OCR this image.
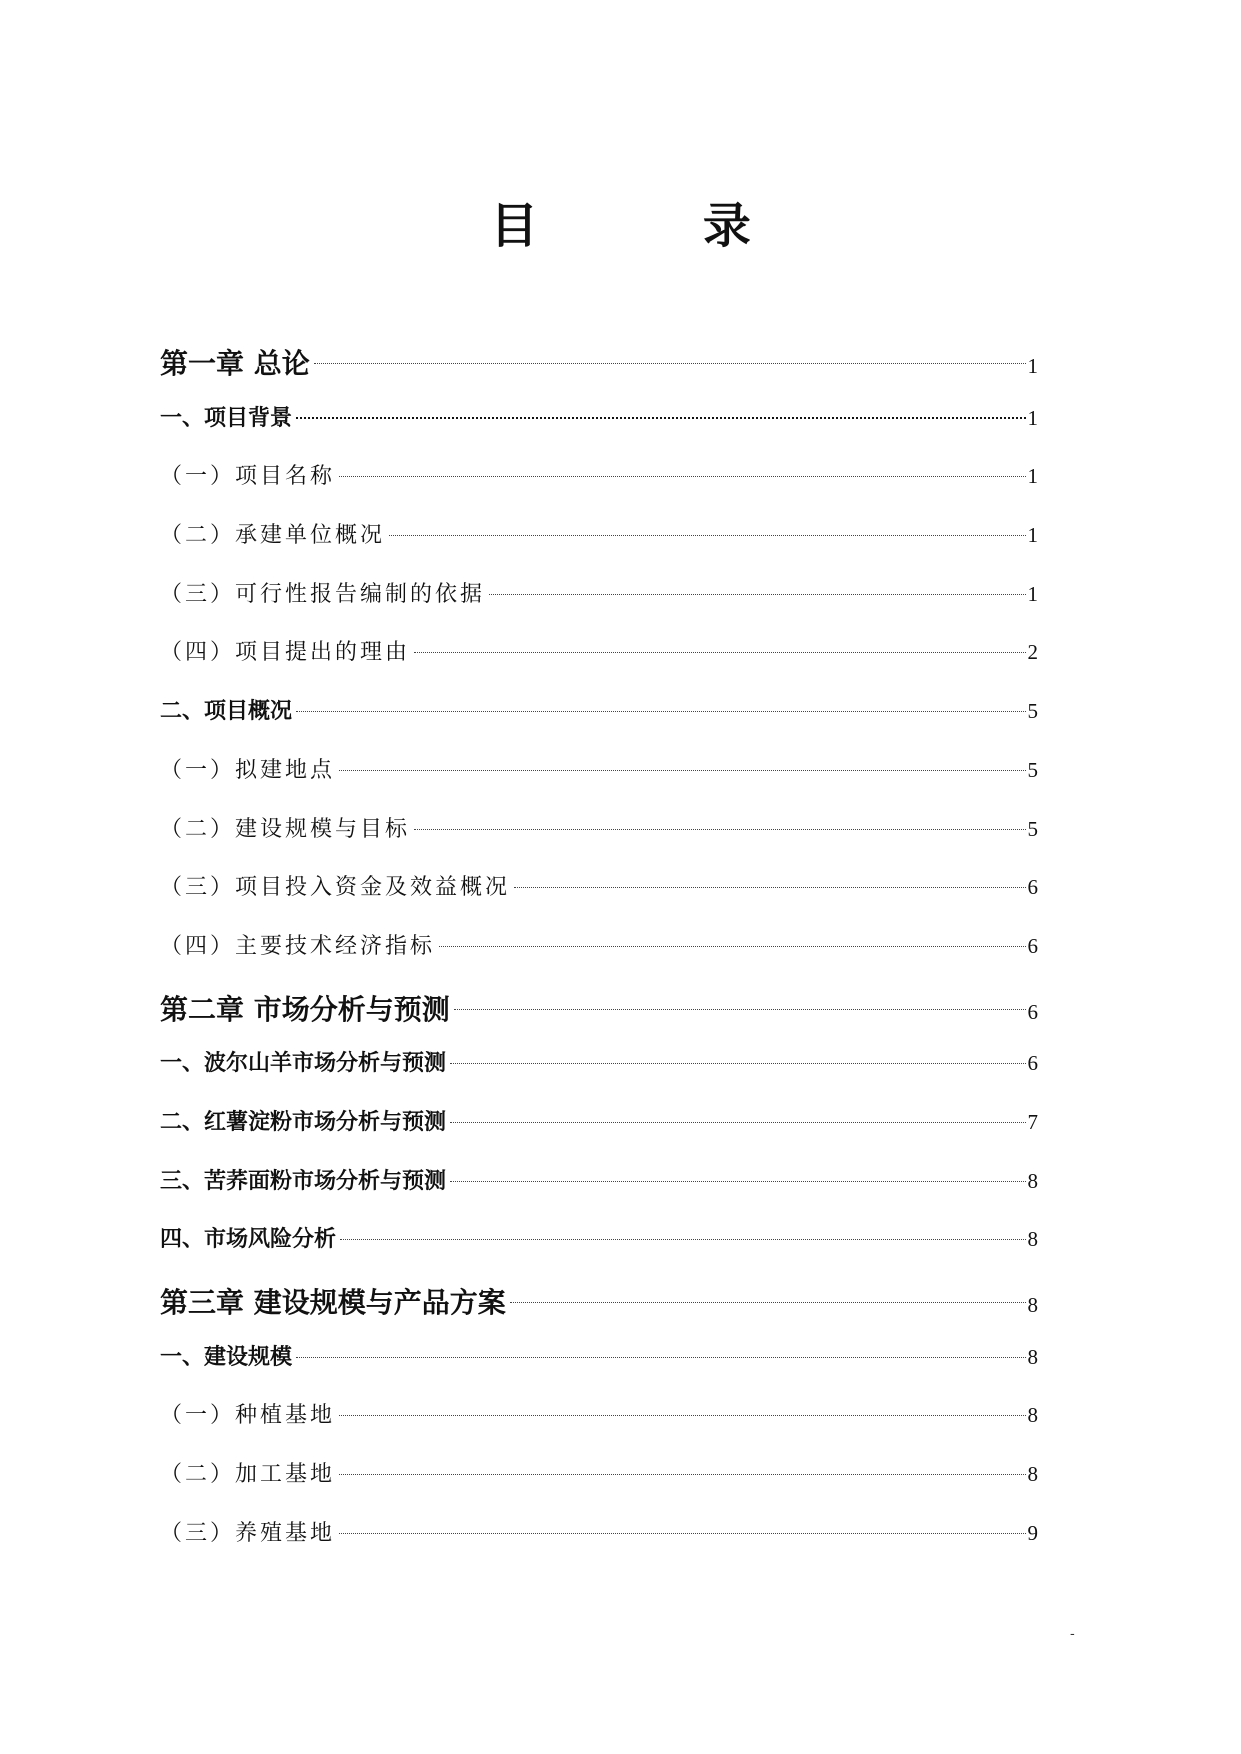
目 录
第一章 总论	1
一、项目背景	1
（一）项目名称	1
（二）承建单位概况	1
（三）可行性报告编制的依据	1
（四）项目提出的理由	2
二、项目概况	5
（一）拟建地点	5
（二）建设规模与目标	5
（三）项目投入资金及效益概况	6
（四）主要技术经济指标	6
第二章 市场分析与预测	6
一、波尔山羊市场分析与预测	6
二、红薯淀粉市场分析与预测	7
三、苦荞面粉市场分析与预测	8
四、市场风险分析	8
第三章 建设规模与产品方案	8
一、建设规模	8
（一）种植基地	8
（二）加工基地	8
（三）养殖基地	9
-
